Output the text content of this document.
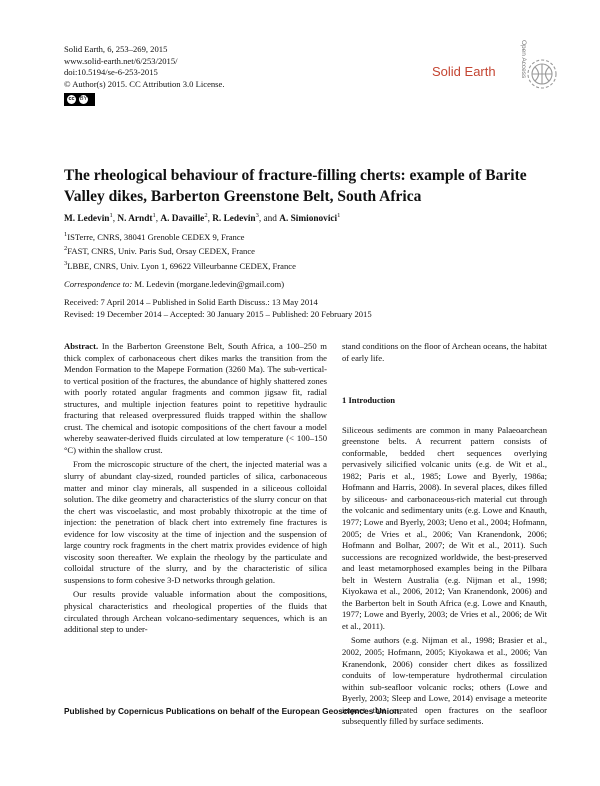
Solid Earth, 6, 253–269, 2015
www.solid-earth.net/6/253/2015/
doi:10.5194/se-6-253-2015
© Author(s) 2015. CC Attribution 3.0 License.
cc BY
Solid Earth	Open Access
The rheological behaviour of fracture-filling cherts: example of Barite Valley dikes, Barberton Greenstone Belt, South Africa
M. Ledevin$^1$, N. Arndt$^1$, A. Davaille$^2$, R. Ledevin$^3$, and A. Simionovici$^1$
$^1$ISTerre, CNRS, 38041 Grenoble CEDEX 9, France
$^2$FAST, CNRS, Univ. Paris Sud, Orsay CEDEX, France
$^3$LBBE, CNRS, Univ. Lyon 1, 69622 Villeurbanne CEDEX, France
Correspondence to: M. Ledevin (morgane.ledevin@gmail.com)
Received: 7 April 2014 – Published in Solid Earth Discuss.: 13 May 2014
Revised: 19 December 2014 – Accepted: 30 January 2015 – Published: 20 February 2015

Abstract. In the Barberton Greenstone Belt, South Africa, a 100–250 m thick complex of carbonaceous chert dikes marks the transition from the Mendon Formation to the Mapepe Formation (3260 Ma). The sub-vertical- to vertical position of the fractures, the abundance of highly shattered zones with poorly rotated angular fragments and common jigsaw fit, radial structures, and multiple injection features point to repetitive hydraulic fracturing that released overpressured fluids trapped within the shallow crust. The chemical and isotopic compositions of the chert favour a model whereby seawater-derived fluids circulated at low temperature (< 100–150 °C) within the shallow crust.

From the microscopic structure of the chert, the injected material was a slurry of abundant clay-sized, rounded particles of silica, carbonaceous matter and minor clay minerals, all suspended in a siliceous colloidal solution. The dike geometry and characteristics of the slurry concur on that the chert was viscoelastic, and most probably thixotropic at the time of injection: the penetration of black chert into extremely fine fractures is evidence for low viscosity at the time of injection and the suspension of large country rock fragments in the chert matrix provides evidence of high viscosity soon thereafter. We explain the rheology by the particulate and colloidal structure of the slurry, and by the characteristic of silica suspensions to form cohesive 3-D networks through gelation.

Our results provide valuable information about the compositions, physical characteristics and rheological properties of the fluids that circulated through Archean volcano-sedimentary sequences, which is an additional step to under-

stand conditions on the floor of Archean oceans, the habitat of early life.

1 Introduction

Siliceous sediments are common in many Palaeoarchean greenstone belts. A recurrent pattern consists of conformable, bedded chert sequences overlying pervasively silicified volcanic units (e.g. de Wit et al., 1982; Paris et al., 1985; Lowe and Byerly, 1986a; Hofmann and Harris, 2008). In several places, dikes filled by siliceous- and carbonaceous-rich material cut through the volcanic and sedimentary units (e.g. Lowe and Knauth, 1977; Lowe and Byerly, 2003; Ueno et al., 2004; Hofmann, 2005; de Vries et al., 2006; Van Kranendonk, 2006; Hofmann and Bolhar, 2007; de Wit et al., 2011). Such successions are recognized worldwide, the best-preserved and least metamorphosed examples being in the Pilbara belt in Western Australia (e.g. Nijman et al., 1998; Kiyokawa et al., 2006, 2012; Van Kranendonk, 2006) and the Barberton belt in South Africa (e.g. Lowe and Knauth, 1977; Lowe and Byerly, 2003; de Vries et al., 2006; de Wit et al., 2011).

Some authors (e.g. Nijman et al., 1998; Brasier et al., 2002, 2005; Hofmann, 2005; Kiyokawa et al., 2006; Van Kranendonk, 2006) consider chert dikes as fossilized conduits of low-temperature hydrothermal circulation within sub-seafloor volcanic rocks; others (Lowe and Byerly, 2003; Sleep and Lowe, 2014) envisage a meteorite impact that created open fractures on the seafloor subsequently filled by surface sediments.

Published by Copernicus Publications on behalf of the European Geosciences Union.
